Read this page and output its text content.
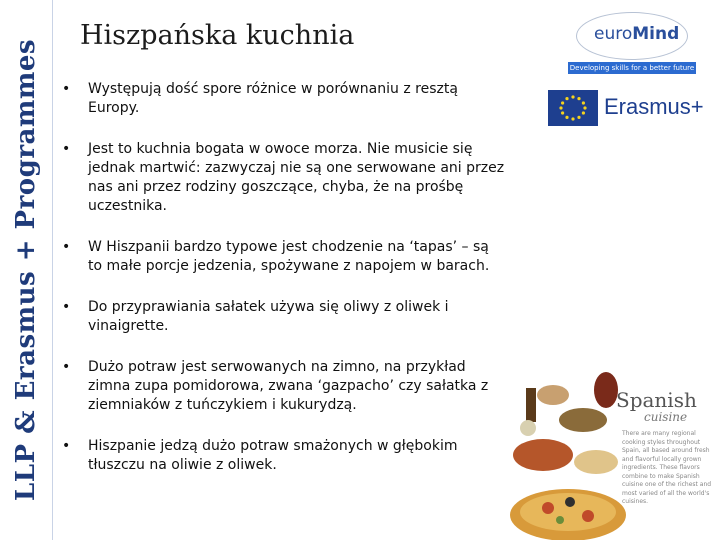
LLP & Erasmus + Programmes
Hiszpańska kuchnia
• Występują dość spore różnice w porównaniu z resztą Europy.
• Jest to kuchnia bogata w owoce morza. Nie musicie się jednak martwić: zazwyczaj nie są one serwowane ani przez nas ani przez rodziny goszczące, chyba, że na prośbę uczestnika.
• W Hiszpanii bardzo typowe jest chodzenie na ‘tapas’ – są to małe porcje jedzenia, spożywane z napojem w barach.
• Do przyprawiania sałatek używa się oliwy z oliwek i vinaigrette.
• Dużo potraw jest serwowanych na zimno, na przykład zimna zupa pomidorowa, zwana ‘gazpacho’ czy sałatka z ziemniaków z tuńczykiem i kukurydzą.
• Hiszpanie jedzą dużo potraw smażonych w głębokim tłuszczu na oliwie z oliwek.
euroMind
Developing skills for a better future
Erasmus+
Spanish
cuisine
There are many regional cooking styles throughout Spain, all based around fresh and flavorful locally grown ingredients. These flavors combine to make Spanish cuisine one of the richest and most varied of all the world's cuisines.
